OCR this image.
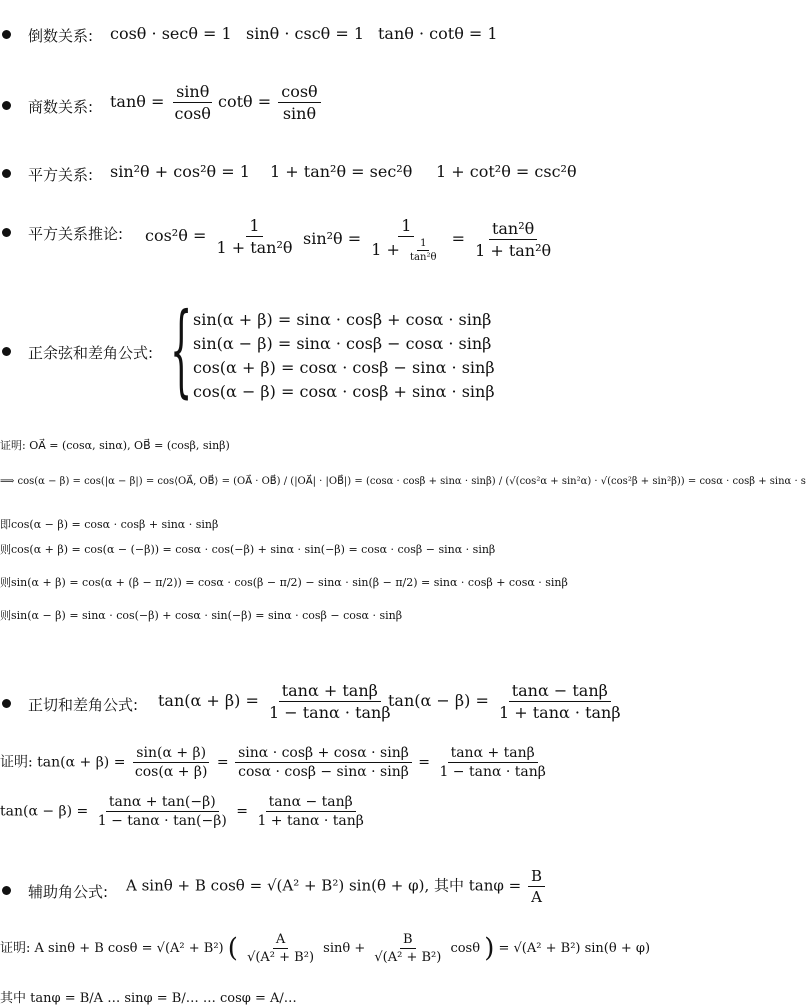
倒数关系: cosθ · secθ = 1 sinθ · cscθ = 1 tanθ · cotθ = 1
商数关系: $\tan\theta = \frac{\sin\theta}{\cos\theta}$ $\cot\theta = \frac{\cos\theta}{\sin\theta}$
平方关系: sin²θ + cos²θ = 1 1 + tan²θ = sec²θ 1 + cot²θ = csc²θ
平方关系推论: $\cos^2\theta = \frac{1}{\text{1 + tan²θ}} \sin^2\theta = \frac{1}{1 + \frac{1}{\text{tan²θ}}} = \frac{\text{tan²θ}}{\text{1 + tan²θ}}$
正余弦和差角公式: { sin(α + β) = sinα · cosβ + cosα · sinβ
sin(α − β) = sinα · cosβ − cosα · sinβ
cos(α + β) = cosα · cosβ − sinα · sinβ
cos(α − β) = cosα · cosβ + sinα · sinβ
证明: OA⃗ = (cosα, sinα), OB⃗ = (cosβ, sinβ)
⟹ cos(α − β) = cos(|α − β|) = cos⟨OA⃗, OB⃗⟩ = (OA⃗ · OB⃗) / (|OA⃗| · |OB⃗|) = (cosα · cosβ + sinα · sinβ) / (√(cos²α + sin²α) · √(cos²β + sin²β)) = cosα · cosβ + sinα · s
即cos(α − β) = cosα · cosβ + sinα · sinβ
则cos(α + β) = cos(α − (−β)) = cosα · cos(−β) + sinα · sin(−β) = cosα · cosβ − sinα · sinβ
则sin(α + β) = cos(α + (β − π/2)) = cosα · cos(β − π/2) − sinα · sin(β − π/2) = sinα · cosβ + cosα · sinβ
则sin(α − β) = sinα · cos(−β) + cosα · sin(−β) = sinα · cosβ − cosα · sinβ
正切和差角公式: $\tan(\alpha + \beta) = \frac{\tan\alpha + \tan\beta}{1 - \tan\alpha \cdot \tan\beta}$
$\tan(\alpha - \beta) = \frac{\tan\alpha - \tan\beta}{1 + \tan\alpha \cdot \tan\beta}$
证明: $\tan(\alpha + \beta) = \frac{\sin(\alpha + \beta)}{\cos(\alpha + \beta)} = \frac{\sin\alpha \cdot \cos\beta + \cos\alpha \cdot \sin\beta}{\cos\alpha \cdot \cos\beta - \sin\alpha \cdot \sin\beta} = \frac{\tan\alpha + \tan\beta}{1 - \tan\alpha \cdot \tan\beta}$
$\tan(\alpha - \beta) = \frac{\tan\alpha + \tan(-\beta)}{1 - \tan\alpha \cdot \tan(-\beta)} = \frac{\tan\alpha - \tan\beta}{1 + \tan\alpha \cdot \tan\beta}$
辅助角公式: A sinθ + B cosθ = √(A² + B²) sin(θ + φ), 其中 $\tan\varphi = \frac{B}{A}$
证明: A sinθ + B cosθ = √(A² + B²) ( $\frac{A}{\text{√(A² + B²)}}$ $\sin\theta + \frac{B}{\text{√(A² + B²)}}$ cosθ ) = √(A² + B²) sin(θ + φ)
其中 tanφ = B/A … sinφ = B/… … cosφ = A/…
